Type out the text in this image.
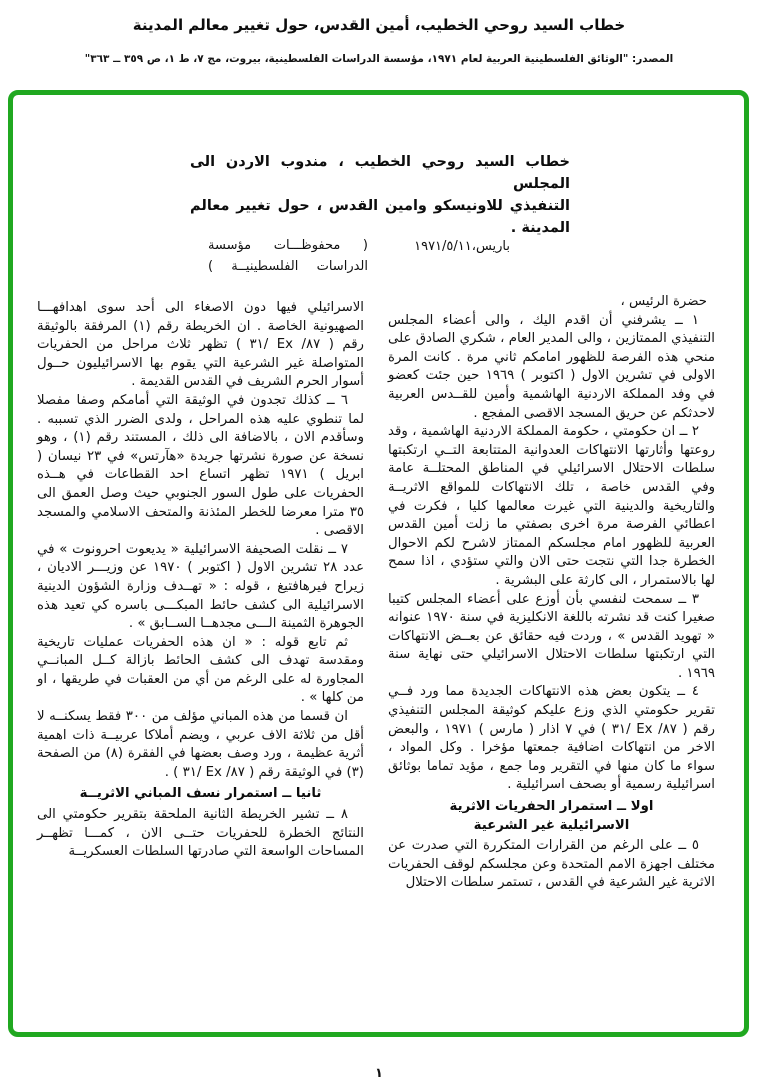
خطاب السيد روحي الخطيب، أمين القدس، حول تغيير معالم المدينة
المصدر: "الوثائق الفلسطينية العربية لعام ١٩٧١، مؤسسة الدراسات الفلسطينية، بيروت، مج ٧، ط ١، ص ٣٥٩ ــ ٣٦٣"
خطاب السيد روحي الخطيب ، مندوب الاردن الى المجلس
التنفيذي للاونيسكو وامين القدس ، حول تغيير معالم
المدينة .
باريس،١٩٧١/٥/١١
( محفوظـــات مؤسسة
الدراسات الفلسطينيــة )

حضرة الرئيس ،

١ ــ يشرفني أن اقدم اليك ، والى أعضاء المجلس التنفيذي الممتازين ، والى المدير العام ، شكري الصادق على منحي هذه الفرصة للظهور امامكم ثاني مرة . كانت المرة الاولى في تشرين الاول ( اكتوبر ) ١٩٦٩ حين جئت كعضو في وفد المملكة الاردنية الهاشمية وأمين للقــدس العربية لاحدثكم عن حريق المسجد الاقصى المفجع .

٢ ــ ان حكومتي ، حكومة المملكة الاردنية الهاشمية ، وقد روعتها وأثارتها الانتهاكات العدوانية المتتابعة التــي ارتكبتها سلطات الاحتلال الاسرائيلي في المناطق المحتلــة عامة وفي القدس خاصة ، تلك الانتهاكات للمواقع الاثريــة والتاريخية والدينية التي غيرت معالمها كليا ، فكرت في اعطائي الفرصة مرة اخرى بصفتي ما زلت أمين القدس العربية للظهور امام مجلسكم الممتاز لاشرح لكم الاحوال الخطرة جدا التي نتجت حتى الان والتي ستؤدي ، اذا سمح لها بالاستمرار ، الى كارثة على البشرية .

٣ ــ سمحت لنفسي بأن أوزع على أعضاء المجلس كتيبا صغيرا كنت قد نشرته باللغة الانكليزية في سنة ١٩٧٠ عنوانه « تهويد القدس » ، وردت فيه حقائق عن بعــض الانتهاكات التي ارتكبتها سلطات الاحتلال الاسرائيلي حتى نهاية سنة ١٩٦٩ .

٤ ــ يتكون بعض هذه الانتهاكات الجديدة مما ورد فــي تقرير حكومتي الذي وزع عليكم كوثيقة المجلس التنفيذي رقم ( ٨٧/ Ex /٣١ ) في ٧ اذار ( مارس ) ١٩٧١ ، والبعض الاخر من انتهاكات اضافية جمعتها مؤخرا . وكل المواد ، سواء ما كان منها في التقرير وما جمع ، مؤيد تماما بوثائق اسرائيلية رسمية أو بصحف اسرائيلية .

اولا ــ استمرار الحفريات الاثرية
الاسرائيلية غير الشرعية

٥ ــ على الرغم من القرارات المتكررة التي صدرت عن مختلف اجهزة الامم المتحدة وعن مجلسكم لوقف الحفريات الاثرية غير الشرعية في القدس ، تستمر سلطات الاحتلال

الاسرائيلي فيها دون الاصغاء الى أحد سوى اهدافهـــا الصهيونية الخاصة . ان الخريطة رقم (١) المرفقة بالوثيقة رقم ( ٨٧/ Ex /٣١ ) تظهر ثلاث مراحل من الحفريات المتواصلة غير الشرعية التي يقوم بها الاسرائيليون حــول أسوار الحرم الشريف في القدس القديمة .

٦ ــ كذلك تجدون في الوثيقة التي أمامكم وصفا مفصلا لما تنطوي عليه هذه المراحل ، ولدى الضرر الذي تسببه . وسأقدم الان ، بالاضافة الى ذلك ، المستند رقم (١) ، وهو نسخة عن صورة نشرتها جريدة «هآرتس» في ٢٣ نيسان ( ابريل ) ١٩٧١ تظهر اتساع احد القطاعات في هــذه الحفريات على طول السور الجنوبي حيث وصل العمق الى ٣٥ مترا معرضا للخطر المئذنة والمتحف الاسلامي والمسجد الاقصى .

٧ ــ نقلت الصحيفة الاسرائيلية « يديعوت احرونوت » في عدد ٢٨ تشرين الاول ( اكتوبر ) ١٩٧٠ عن وزيـــر الاديان ، زيراح فيرهافتيغ ، قوله : « تهــدف وزارة الشؤون الدينية الاسرائيلية الى كشف حائط المبكـــى باسره كي تعيد هذه الجوهرة الثمينة الـــى مجدهــا الســابق » .

ثم تابع قوله : « ان هذه الحفريات عمليات تاريخية ومقدسة تهدف الى كشف الحائط بازالة كــل المبانــي المجاورة له على الرغم من أي من العقبات في طريقها ، او من كلها » .

ان قسما من هذه المباني مؤلف من ٣٠٠ فقط يسكنــه لا أقل من ثلاثة الاف عربي ، ويضم أملاكا عربيــة ذات اهمية أثرية عظيمة ، ورد وصف بعضها في الفقرة (٨) من الصفحة (٣) في الوثيقة رقم ( ٨٧/ Ex /٣١ ) .

ثانيا ــ استمرار نسف المباني الاثريــة

٨ ــ تشير الخريطة الثانية الملحقة بتقرير حكومتي الى النتائج الخطرة للحفريات حتــى الان ، كمـــا تظهــر المساحات الواسعة التي صادرتها السلطات العسكريــة

١
